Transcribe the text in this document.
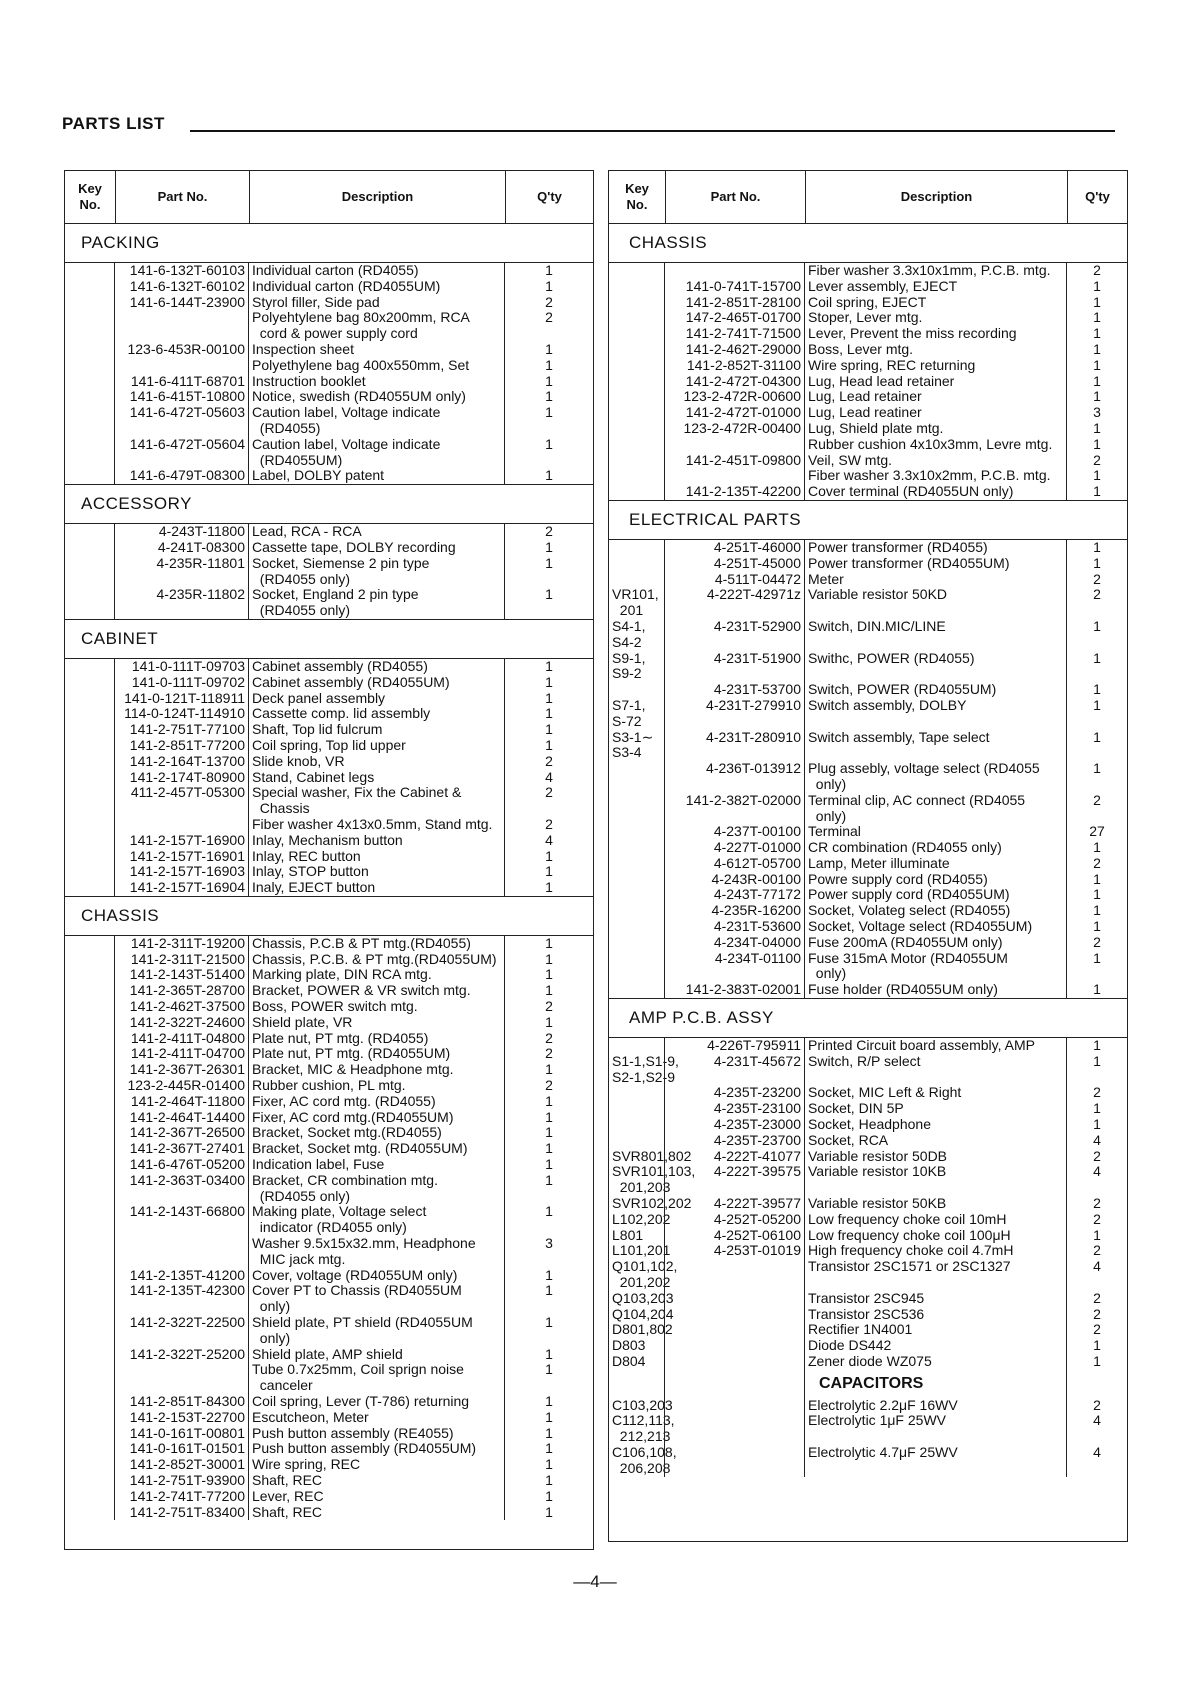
PARTS LIST
Key
No.
Part No.	Description	Q'ty
PACKING
141-6-132T-60103 Individual carton (RD4055)	1
141-6-132T-60102 Individual carton (RD4055UM)	1
141-6-144T-23900 Styrol filler, Side pad	2
Polyehtylene bag 80x200mm, RCA	2
cord & power supply cord
123-6-453R-00100 Inspection sheet	1
Polyethylene bag 400x550mm, Set	1
141-6-411T-68701 Instruction booklet	1
141-6-415T-10800 Notice, swedish (RD4055UM only)	1
141-6-472T-05603 Caution label, Voltage indicate	1
(RD4055)
141-6-472T-05604 Caution label, Voltage indicate	1
(RD4055UM)
141-6-479T-08300 Label, DOLBY patent	1
ACCESSORY
4-243T-11800 Lead, RCA - RCA	2
4-241T-08300 Cassette tape, DOLBY recording	1
4-235R-11801 Socket, Siemense 2 pin type	1
(RD4055 only)
4-235R-11802 Socket, England 2 pin type	1
(RD4055 only)
CABINET
141-0-111T-09703 Cabinet assembly (RD4055)	1
141-0-111T-09702 Cabinet assembly (RD4055UM)	1
141-0-121T-118911 Deck panel assembly	1
114-0-124T-114910 Cassette comp. lid assembly	1
141-2-751T-77100 Shaft, Top lid fulcrum	1
141-2-851T-77200 Coil spring, Top lid upper	1
141-2-164T-13700 Slide knob, VR	2
141-2-174T-80900 Stand, Cabinet legs	4
411-2-457T-05300 Special washer, Fix the Cabinet &	2
Chassis
Fiber washer 4x13x0.5mm, Stand mtg.	2
141-2-157T-16900 Inlay, Mechanism button	4
141-2-157T-16901 Inlay, REC button	1
141-2-157T-16903 Inlay, STOP button	1
141-2-157T-16904 Inaly, EJECT button	1
CHASSIS
141-2-311T-19200 Chassis, P.C.B & PT mtg.(RD4055)	1
141-2-311T-21500 Chassis, P.C.B. & PT mtg.(RD4055UM)	1
141-2-143T-51400 Marking plate, DIN RCA mtg.	1
141-2-365T-28700 Bracket, POWER & VR switch mtg.	1
141-2-462T-37500 Boss, POWER switch mtg.	2
141-2-322T-24600 Shield plate, VR	1
141-2-411T-04800 Plate nut, PT mtg. (RD4055)	2
141-2-411T-04700 Plate nut, PT mtg. (RD4055UM)	2
141-2-367T-26301 Bracket, MIC & Headphone mtg.	1
123-2-445R-01400 Rubber cushion, PL mtg.	2
141-2-464T-11800 Fixer, AC cord mtg. (RD4055)	1
141-2-464T-14400 Fixer, AC cord mtg.(RD4055UM)	1
141-2-367T-26500 Bracket, Socket mtg.(RD4055)	1
141-2-367T-27401 Bracket, Socket mtg. (RD4055UM)	1
141-6-476T-05200 Indication label, Fuse	1
141-2-363T-03400 Bracket, CR combination mtg.	1
(RD4055 only)
141-2-143T-66800 Making plate, Voltage select	1
indicator (RD4055 only)
Washer 9.5x15x32.mm, Headphone	3
MIC jack mtg.
141-2-135T-41200 Cover, voltage (RD4055UM only)	1
141-2-135T-42300 Cover PT to Chassis (RD4055UM	1
only)
141-2-322T-22500 Shield plate, PT shield (RD4055UM	1
only)
141-2-322T-25200 Shield plate, AMP shield	1
Tube 0.7x25mm, Coil sprign noise	1
canceler
141-2-851T-84300 Coil spring, Lever (T-786) returning	1
141-2-153T-22700 Escutcheon, Meter	1
141-0-161T-00801 Push button assembly (RE4055)	1
141-0-161T-01501 Push button assembly (RD4055UM)	1
141-2-852T-30001 Wire spring, REC	1
141-2-751T-93900 Shaft, REC	1
141-2-741T-77200 Lever, REC	1
141-2-751T-83400 Shaft, REC	1
Key
No.
Part No.	Description	Q'ty
CHASSIS
Fiber washer 3.3x10x1mm, P.C.B. mtg.	2
141-0-741T-15700 Lever assembly, EJECT	1
141-2-851T-28100 Coil spring, EJECT	1
147-2-465T-01700 Stoper, Lever mtg.	1
141-2-741T-71500 Lever, Prevent the miss recording	1
141-2-462T-29000 Boss, Lever mtg.	1
141-2-852T-31100 Wire spring, REC returning	1
141-2-472T-04300 Lug, Head lead retainer	1
123-2-472R-00600 Lug, Lead retainer	1
141-2-472T-01000 Lug, Lead reatiner	3
123-2-472R-00400 Lug, Shield plate mtg.	1
Rubber cushion 4x10x3mm, Levre mtg.	1
141-2-451T-09800 Veil, SW mtg.	2
Fiber washer 3.3x10x2mm, P.C.B. mtg.	1
141-2-135T-42200 Cover terminal (RD4055UN only)	1
ELECTRICAL PARTS
4-251T-46000 Power transformer (RD4055)	1
4-251T-45000 Power transformer (RD4055UM)	1
4-511T-04472 Meter	2
VR101,	4-222T-42971z Variable resistor 50KD	2
201
S4-1,	4-231T-52900 Switch, DIN.MIC/LINE	1
S4-2
S9-1,	4-231T-51900 Swithc, POWER (RD4055)	1
S9-2
4-231T-53700 Switch, POWER (RD4055UM)	1
S7-1,	4-231T-279910 Switch assembly, DOLBY	1
S-72
S3-1∼	4-231T-280910 Switch assembly, Tape select	1
S3-4
4-236T-013912 Plug assebly, voltage select (RD4055	1
only)
141-2-382T-02000 Terminal clip, AC connect (RD4055	2
only)
4-237T-00100 Terminal	27
4-227T-01000 CR combination (RD4055 only)	1
4-612T-05700 Lamp, Meter illuminate	2
4-243R-00100 Powre supply cord (RD4055)	1
4-243T-77172 Power supply cord (RD4055UM)	1
4-235R-16200 Socket, Volateg select (RD4055)	1
4-231T-53600 Socket, Voltage select (RD4055UM)	1
4-234T-04000 Fuse 200mA (RD4055UM only)	2
4-234T-01100 Fuse 315mA Motor (RD4055UM	1
only)
141-2-383T-02001 Fuse holder (RD4055UM only)	1
AMP P.C.B. ASSY
4-226T-795911 Printed Circuit board assembly, AMP	1
S1-1,S1-9,	4-231T-45672 Switch, R/P select	1
S2-1,S2-9
4-235T-23200 Socket, MIC Left & Right	2
4-235T-23100 Socket, DIN 5P	1
4-235T-23000 Socket, Headphone	1
4-235T-23700 Socket, RCA	4
SVR801,802	4-222T-41077 Variable resistor 50DB	2
SVR101,103,	4-222T-39575 Variable resistor 10KB	4
201,203
SVR102,202	4-222T-39577 Variable resistor 50KB	2
L102,202	4-252T-05200 Low frequency choke coil 10mH	2
L801	4-252T-06100 Low frequency choke coil 100μH	1
L101,201	4-253T-01019 High frequency choke coil 4.7mH	2
Q101,102,	Transistor 2SC1571 or 2SC1327	4
201,202
Q103,203	Transistor 2SC945	2
Q104,204	Transistor 2SC536	2
D801,802	Rectifier 1N4001	2
D803	Diode DS442	1
D804	Zener diode WZ075	1
CAPACITORS
C103,203	Electrolytic 2.2μF 16WV	2
C112,113,	Electrolytic 1μF 25WV	4
212,213
C106,108,	Electrolytic 4.7μF 25WV	4
206,208
—4—
